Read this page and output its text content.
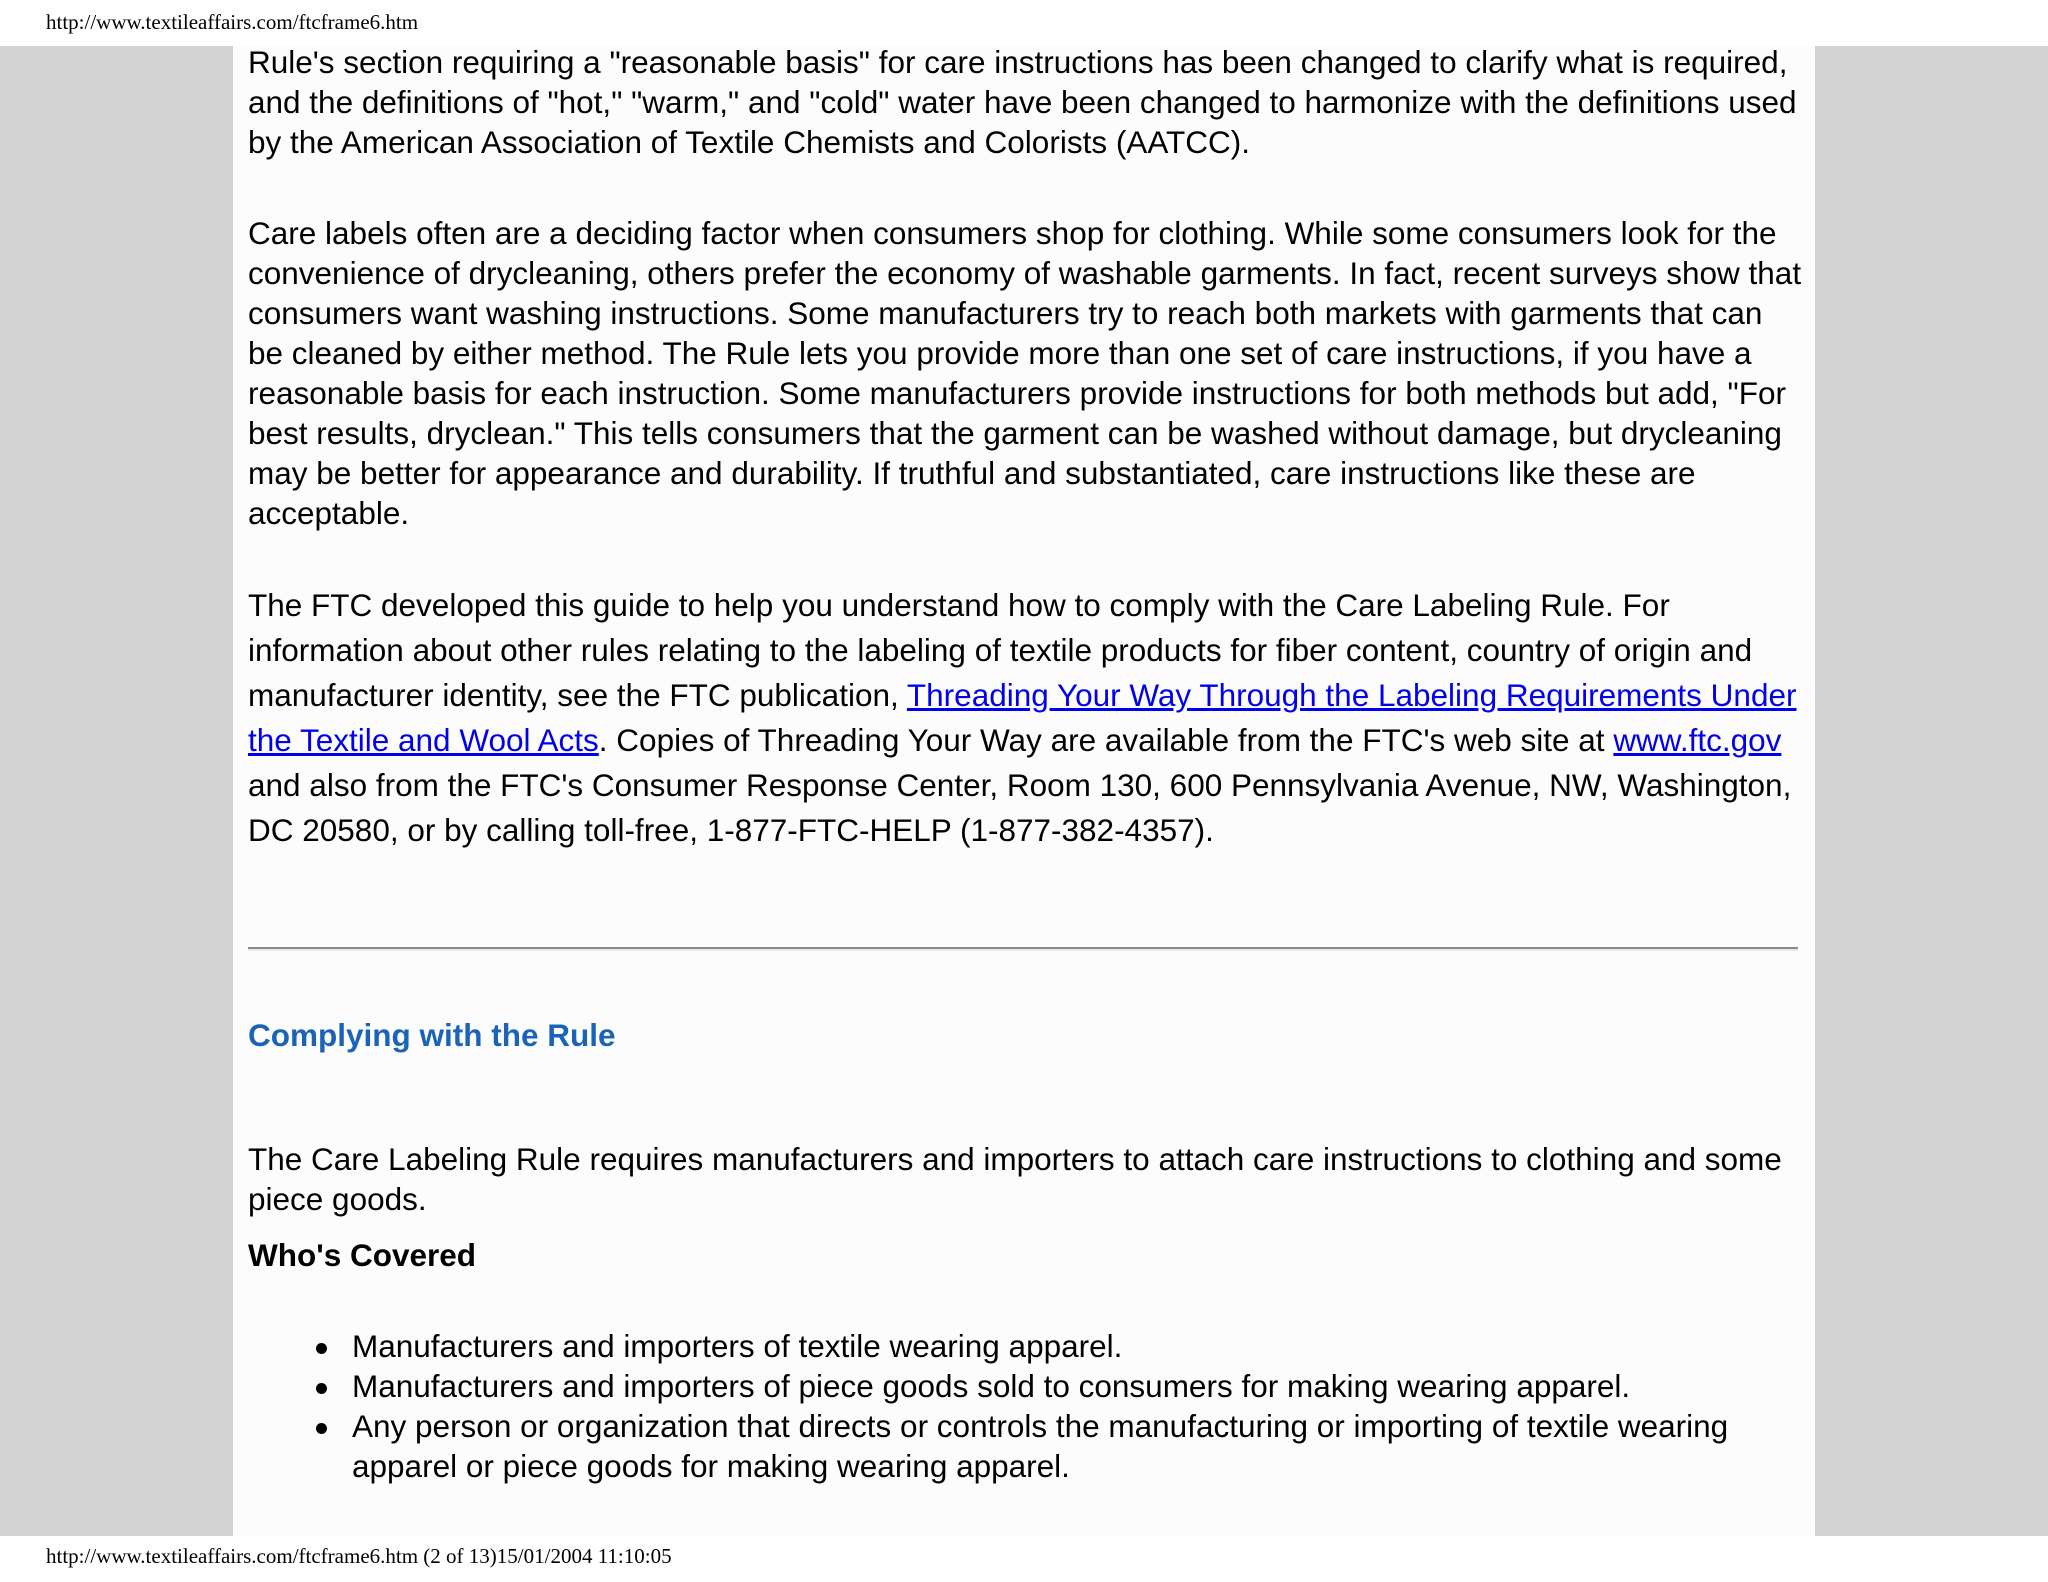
http://www.textileaffairs.com/ftcframe6.htm

Rule's section requiring a "reasonable basis" for care instructions has been changed to clarify what is required, and the definitions of "hot," "warm," and "cold" water have been changed to harmonize with the definitions used by the American Association of Textile Chemists and Colorists (AATCC).

Care labels often are a deciding factor when consumers shop for clothing. While some consumers look for the convenience of drycleaning, others prefer the economy of washable garments. In fact, recent surveys show that consumers want washing instructions. Some manufacturers try to reach both markets with garments that can be cleaned by either method. The Rule lets you provide more than one set of care instructions, if you have a reasonable basis for each instruction. Some manufacturers provide instructions for both methods but add, "For best results, dryclean." This tells consumers that the garment can be washed without damage, but drycleaning may be better for appearance and durability. If truthful and substantiated, care instructions like these are acceptable.

The FTC developed this guide to help you understand how to comply with the Care Labeling Rule. For information about other rules relating to the labeling of textile products for fiber content, country of origin and manufacturer identity, see the FTC publication, Threading Your Way Through the Labeling Requirements Under the Textile and Wool Acts. Copies of Threading Your Way are available from the FTC's web site at www.ftc.gov and also from the FTC's Consumer Response Center, Room 130, 600 Pennsylvania Avenue, NW, Washington, DC 20580, or by calling toll-free, 1-877-FTC-HELP (1-877-382-4357).

Complying with the Rule

The Care Labeling Rule requires manufacturers and importers to attach care instructions to clothing and some piece goods.

Who's Covered
Manufacturers and importers of textile wearing apparel.
Manufacturers and importers of piece goods sold to consumers for making wearing apparel.
Any person or organization that directs or controls the manufacturing or importing of textile wearing apparel or piece goods for making wearing apparel.
http://www.textileaffairs.com/ftcframe6.htm (2 of 13)15/01/2004 11:10:05
